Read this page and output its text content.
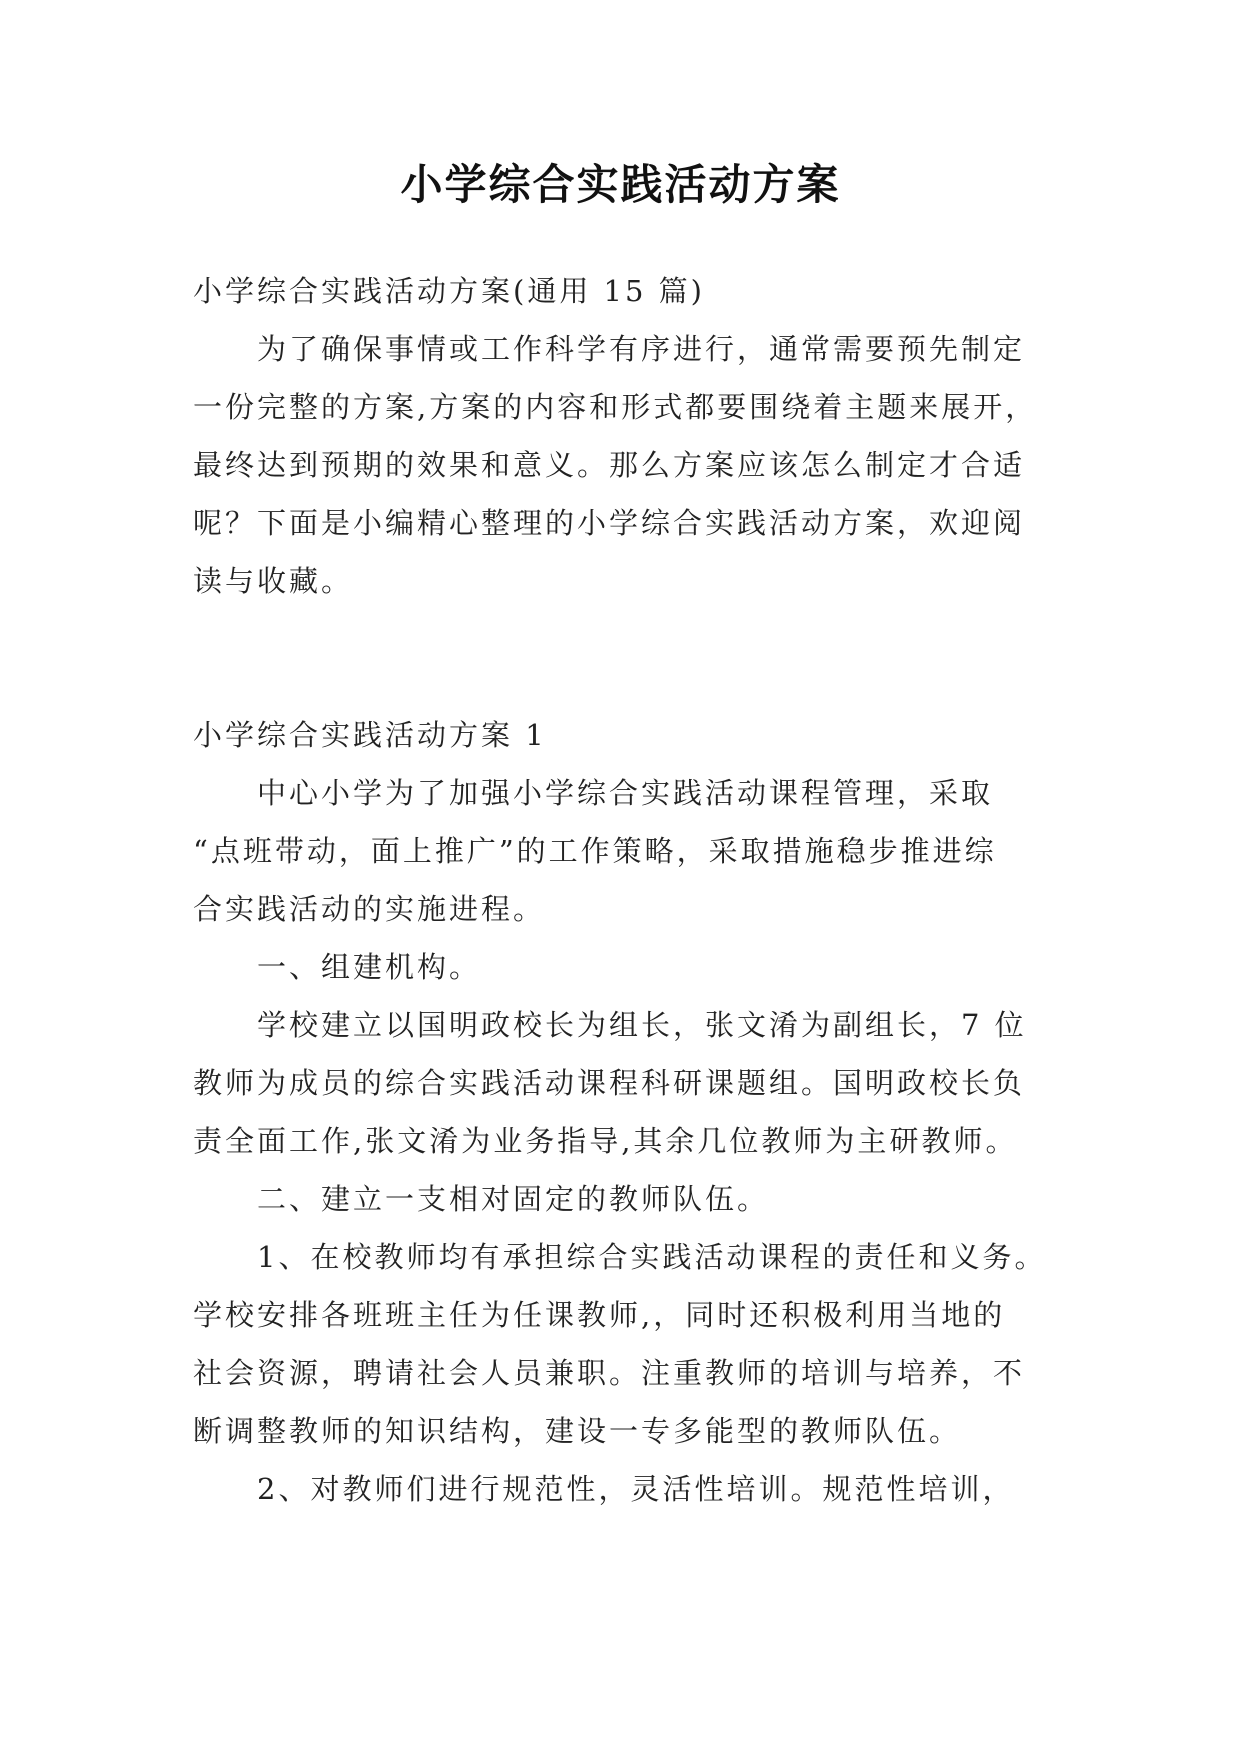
小学综合实践活动方案
小学综合实践活动方案(通用 15 篇)
为了确保事情或工作科学有序进行，通常需要预先制定
一份完整的方案,方案的内容和形式都要围绕着主题来展开，
最终达到预期的效果和意义。那么方案应该怎么制定才合适
呢？下面是小编精心整理的小学综合实践活动方案，欢迎阅
读与收藏。
小学综合实践活动方案 1
中心小学为了加强小学综合实践活动课程管理，采取
“点班带动，面上推广”的工作策略，采取措施稳步推进综
合实践活动的实施进程。
一、组建机构。
学校建立以国明政校长为组长，张文淆为副组长，7 位
教师为成员的综合实践活动课程科研课题组。国明政校长负
责全面工作,张文淆为业务指导,其余几位教师为主研教师。
二、建立一支相对固定的教师队伍。
1、在校教师均有承担综合实践活动课程的责任和义务。
学校安排各班班主任为任课教师,，同时还积极利用当地的
社会资源，聘请社会人员兼职。注重教师的培训与培养，不
断调整教师的知识结构，建设一专多能型的教师队伍。
2、对教师们进行规范性，灵活性培训。规范性培训，
